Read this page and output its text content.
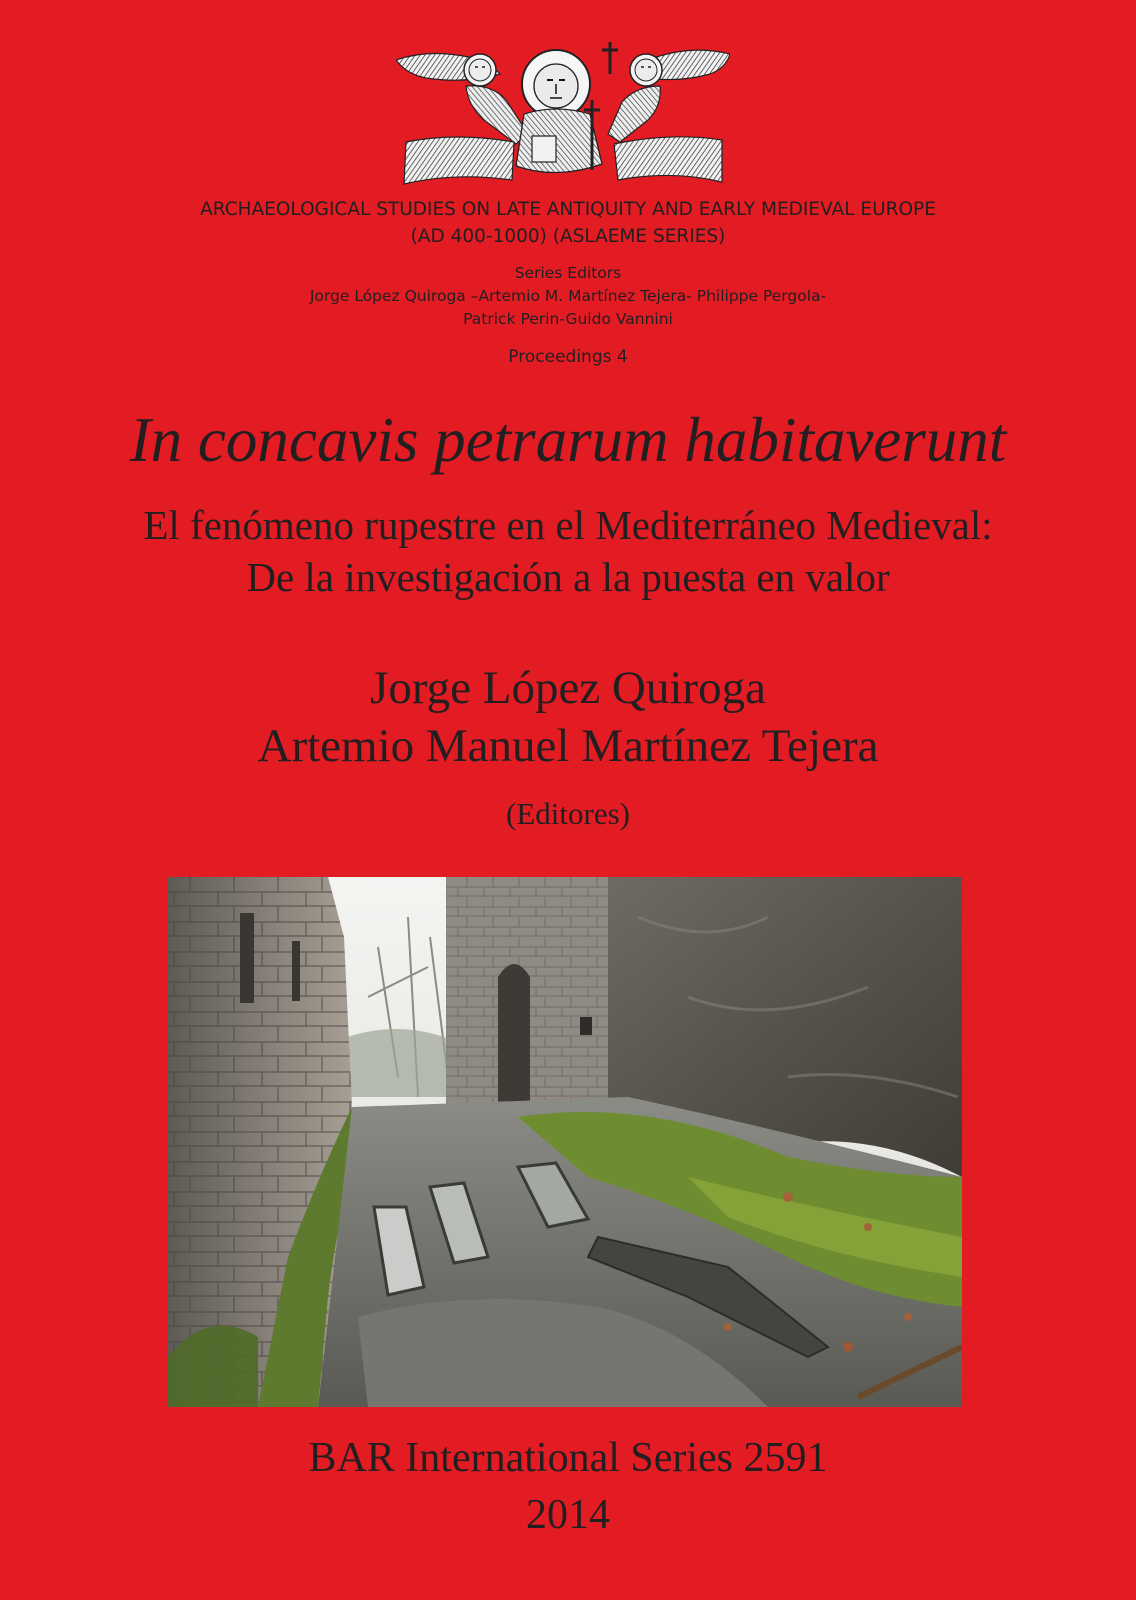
ARCHAEOLOGICAL STUDIES ON LATE ANTIQUITY AND EARLY MEDIEVAL EUROPE
(AD 400-1000) (ASLAEME SERIES)
Series Editors
Jorge López Quiroga –Artemio M. Martínez Tejera- Philippe Pergola-
Patrick Perin-Guido Vannini
Proceedings 4
In concavis petrarum habitaverunt
El fenómeno rupestre en el Mediterráneo Medieval:
De la investigación a la puesta en valor
Jorge López Quiroga
Artemio Manuel Martínez Tejera
(Editores)
BAR International Series 2591
2014
